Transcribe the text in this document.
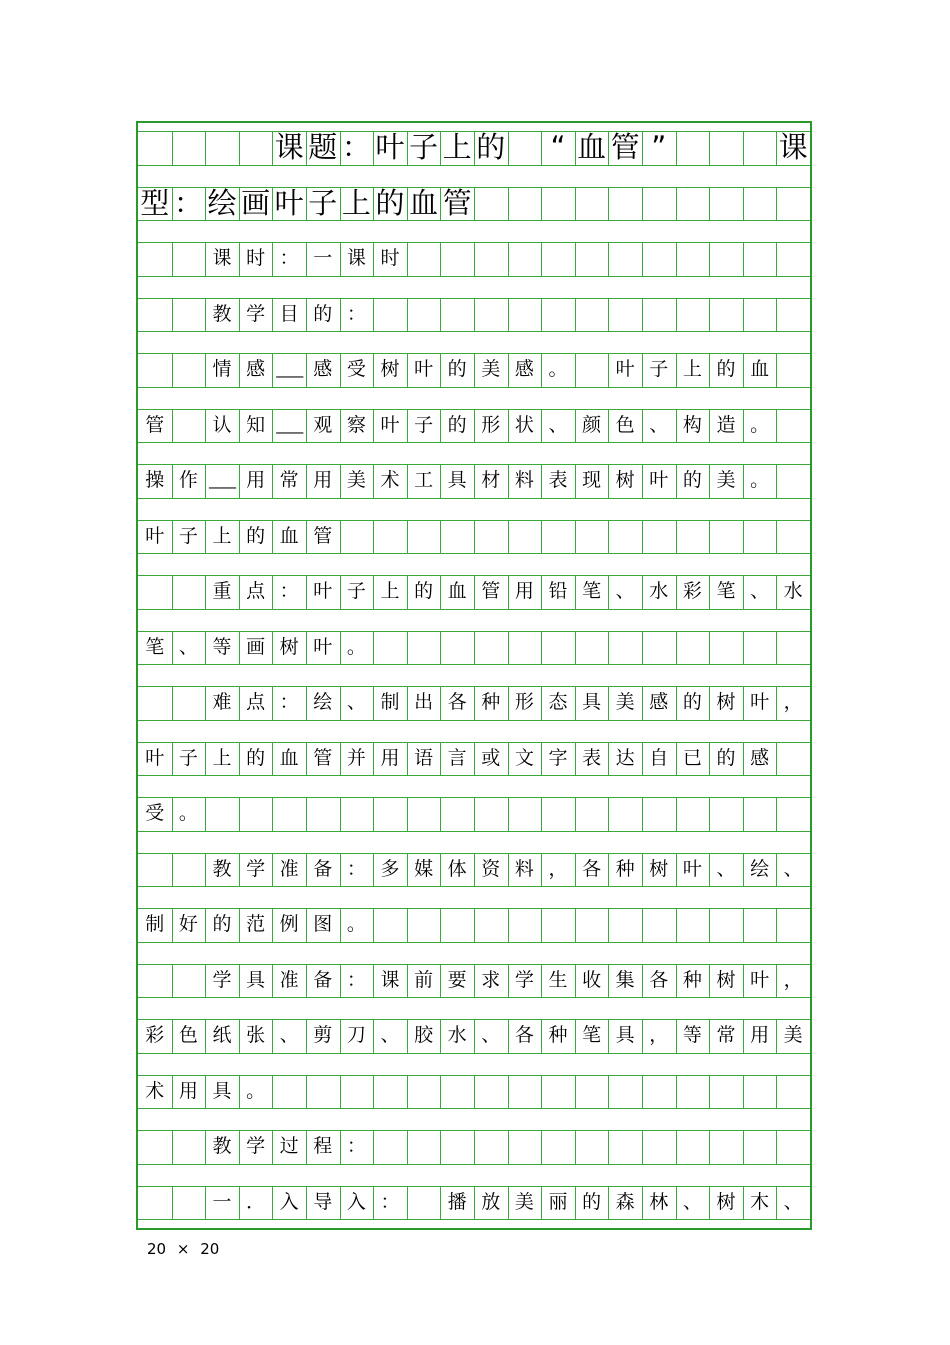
课 题 ： 叶 子 上 的	“ 血 管 ”	课
型 ： 绘 画 叶 子 上 的 血 管
课 时 ： 一 课 时
教 学 目 的 ：
情 感 ____ 感 受 树 叶 的 美 感 。	叶 子 上 的 血
管	认 知 ____ 观 察 叶 子 的 形 状 、 颜 色 、 构 造 。
操 作 ____ 用 常 用 美 术 工 具 材 料 表 现 树 叶 的 美 。
叶 子 上 的 血 管
重 点 ： 叶 子 上 的 血 管 用 铅 笔 、 水 彩 笔 、 水
笔 、 等 画 树 叶 。
难 点 ： 绘 、 制 出 各 种 形 态 具 美 感 的 树 叶 ，
叶 子 上 的 血 管 并 用 语 言 或 文 字 表 达 自 已 的 感
受 。
教 学 准 备 ： 多 媒 体 资 料 ， 各 种 树 叶 、 绘 、
制 好 的 范 例 图 。
学 具 准 备 ： 课 前 要 求 学 生 收 集 各 种 树 叶 ，
彩 色 纸 张 、 剪 刀 、 胶 水 、 各 种 笔 具 ， 等 常 用 美
术 用 具 。
教 学 过 程 ：
一 ． 入 导 入 ：	播 放 美 丽 的 森 林 、 树 木 、
20 × 20
